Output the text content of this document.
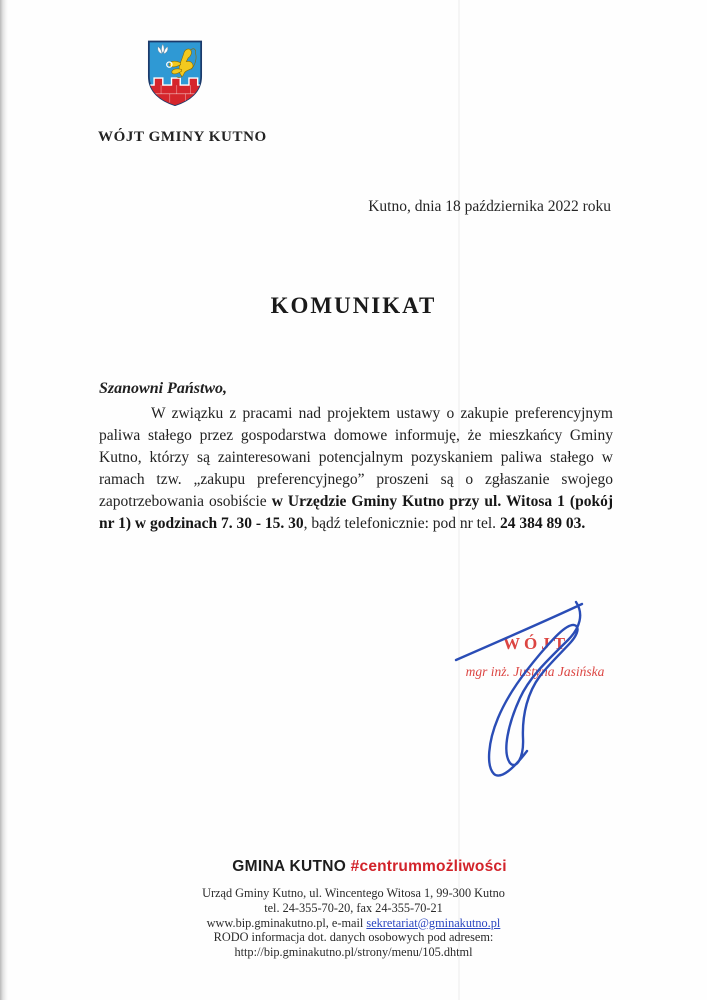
WÓJT GMINY KUTNO
Kutno, dnia 18 października 2022 roku
KOMUNIKAT
Szanowni Państwo,

W związku z pracami nad projektem ustawy o zakupie preferencyjnym paliwa stałego przez gospodarstwa domowe informuję, że mieszkańcy Gminy Kutno, którzy są zainteresowani potencjalnym pozyskaniem paliwa stałego w ramach tzw. „zakupu preferencyjnego” proszeni są o zgłaszanie swojego zapotrzebowania osobiście w Urzędzie Gminy Kutno przy ul. Witosa 1 (pokój nr 1) w godzinach 7. 30 - 15. 30, bądź telefonicznie: pod nr tel. 24 384 89 03.

WÓJT
mgr inż. Justyna Jasińska
GMINA KUTNO #centrummożliwości
Urząd Gminy Kutno, ul. Wincentego Witosa 1, 99-300 Kutno
tel. 24-355-70-20, fax 24-355-70-21
www.bip.gminakutno.pl, e-mail sekretariat@gminakutno.pl
RODO informacja dot. danych osobowych pod adresem:
http://bip.gminakutno.pl/strony/menu/105.dhtml
